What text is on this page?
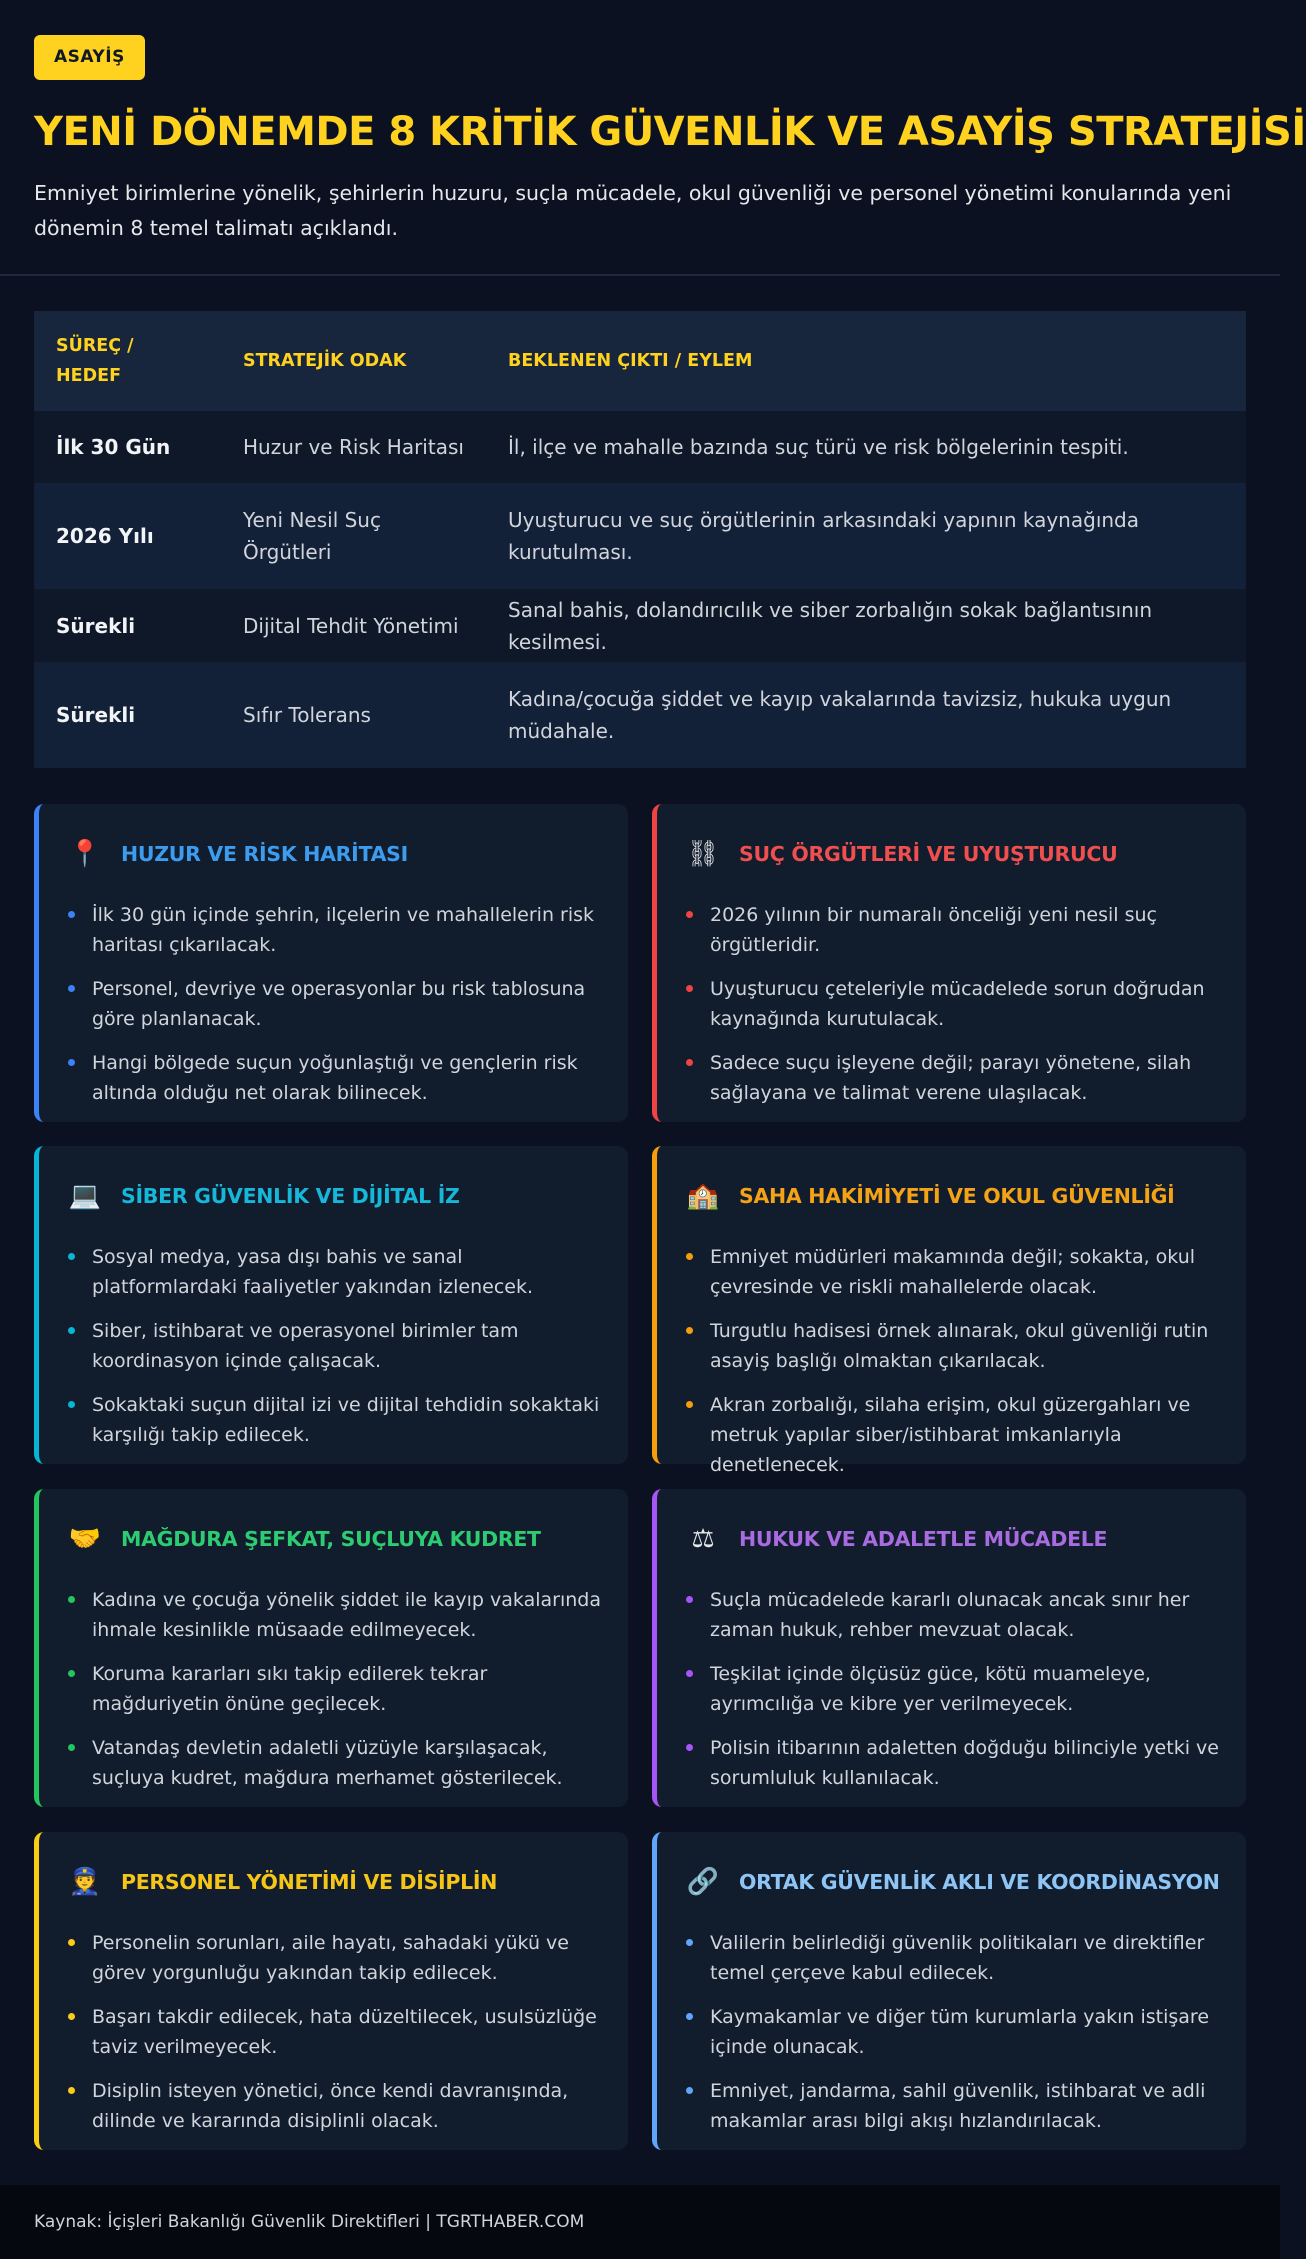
ASAYİŞ
YENİ DÖNEMDE 8 KRİTİK GÜVENLİK VE ASAYİŞ STRATEJİSİ

Emniyet birimlerine yönelik, şehirlerin huzuru, suçla mücadele, okul güvenliği ve personel yönetimi konularında yeni dönemin 8 temel talimatı açıklandı.

SÜREÇ / HEDEF	STRATEJİK ODAK	BEKLENEN ÇIKTI / EYLEM
İlk 30 Gün	Huzur ve Risk Haritası	İl, ilçe ve mahalle bazında suç türü ve risk bölgelerinin tespiti.
2026 Yılı	Yeni Nesil Suç Örgütleri	Uyuşturucu ve suç örgütlerinin arkasındaki yapının kaynağında kurutulması.
Sürekli	Dijital Tehdit Yönetimi	Sanal bahis, dolandırıcılık ve siber zorbalığın sokak bağlantısının kesilmesi.
Sürekli	Sıfır Tolerans	Kadına/çocuğa şiddet ve kayıp vakalarında tavizsiz, hukuka uygun müdahale.
📍 HUZUR VE RİSK HARİTASI
İlk 30 gün içinde şehrin, ilçelerin ve mahallelerin risk haritası çıkarılacak.
Personel, devriye ve operasyonlar bu risk tablosuna göre planlanacak.
Hangi bölgede suçun yoğunlaştığı ve gençlerin risk altında olduğu net olarak bilinecek.
⛓ SUÇ ÖRGÜTLERİ VE UYUŞTURUCU
2026 yılının bir numaralı önceliği yeni nesil suç örgütleridir.
Uyuşturucu çeteleriyle mücadelede sorun doğrudan kaynağında kurutulacak.
Sadece suçu işleyene değil; parayı yönetene, silah sağlayana ve talimat verene ulaşılacak.
💻 SİBER GÜVENLİK VE DİJİTAL İZ
Sosyal medya, yasa dışı bahis ve sanal platformlardaki faaliyetler yakından izlenecek.
Siber, istihbarat ve operasyonel birimler tam koordinasyon içinde çalışacak.
Sokaktaki suçun dijital izi ve dijital tehdidin sokaktaki karşılığı takip edilecek.
🏫 SAHA HAKİMİYETİ VE OKUL GÜVENLİĞİ
Emniyet müdürleri makamında değil; sokakta, okul çevresinde ve riskli mahallelerde olacak.
Turgutlu hadisesi örnek alınarak, okul güvenliği rutin asayiş başlığı olmaktan çıkarılacak.
Akran zorbalığı, silaha erişim, okul güzergahları ve metruk yapılar siber/istihbarat imkanlarıyla denetlenecek.
🤝 MAĞDURA ŞEFKAT, SUÇLUYA KUDRET
Kadına ve çocuğa yönelik şiddet ile kayıp vakalarında ihmale kesinlikle müsaade edilmeyecek.
Koruma kararları sıkı takip edilerek tekrar mağduriyetin önüne geçilecek.
Vatandaş devletin adaletli yüzüyle karşılaşacak, suçluya kudret, mağdura merhamet gösterilecek.
⚖	HUKUK VE ADALETLE MÜCADELE
Suçla mücadelede kararlı olunacak ancak sınır her zaman hukuk, rehber mevzuat olacak.
Teşkilat içinde ölçüsüz güce, kötü muameleye, ayrımcılığa ve kibre yer verilmeyecek.
Polisin itibarının adaletten doğduğu bilinciyle yetki ve sorumluluk kullanılacak.
👮 PERSONEL YÖNETİMİ VE DİSİPLİN
Personelin sorunları, aile hayatı, sahadaki yükü ve görev yorgunluğu yakından takip edilecek.
Başarı takdir edilecek, hata düzeltilecek, usulsüzlüğe taviz verilmeyecek.
Disiplin isteyen yönetici, önce kendi davranışında, dilinde ve kararında disiplinli olacak.
🔗 ORTAK GÜVENLİK AKLI VE KOORDİNASYON
Valilerin belirlediği güvenlik politikaları ve direktifler temel çerçeve kabul edilecek.
Kaymakamlar ve diğer tüm kurumlarla yakın istişare içinde olunacak.
Emniyet, jandarma, sahil güvenlik, istihbarat ve adli makamlar arası bilgi akışı hızlandırılacak.
Kaynak: İçişleri Bakanlığı Güvenlik Direktifleri | TGRTHABER.COM
